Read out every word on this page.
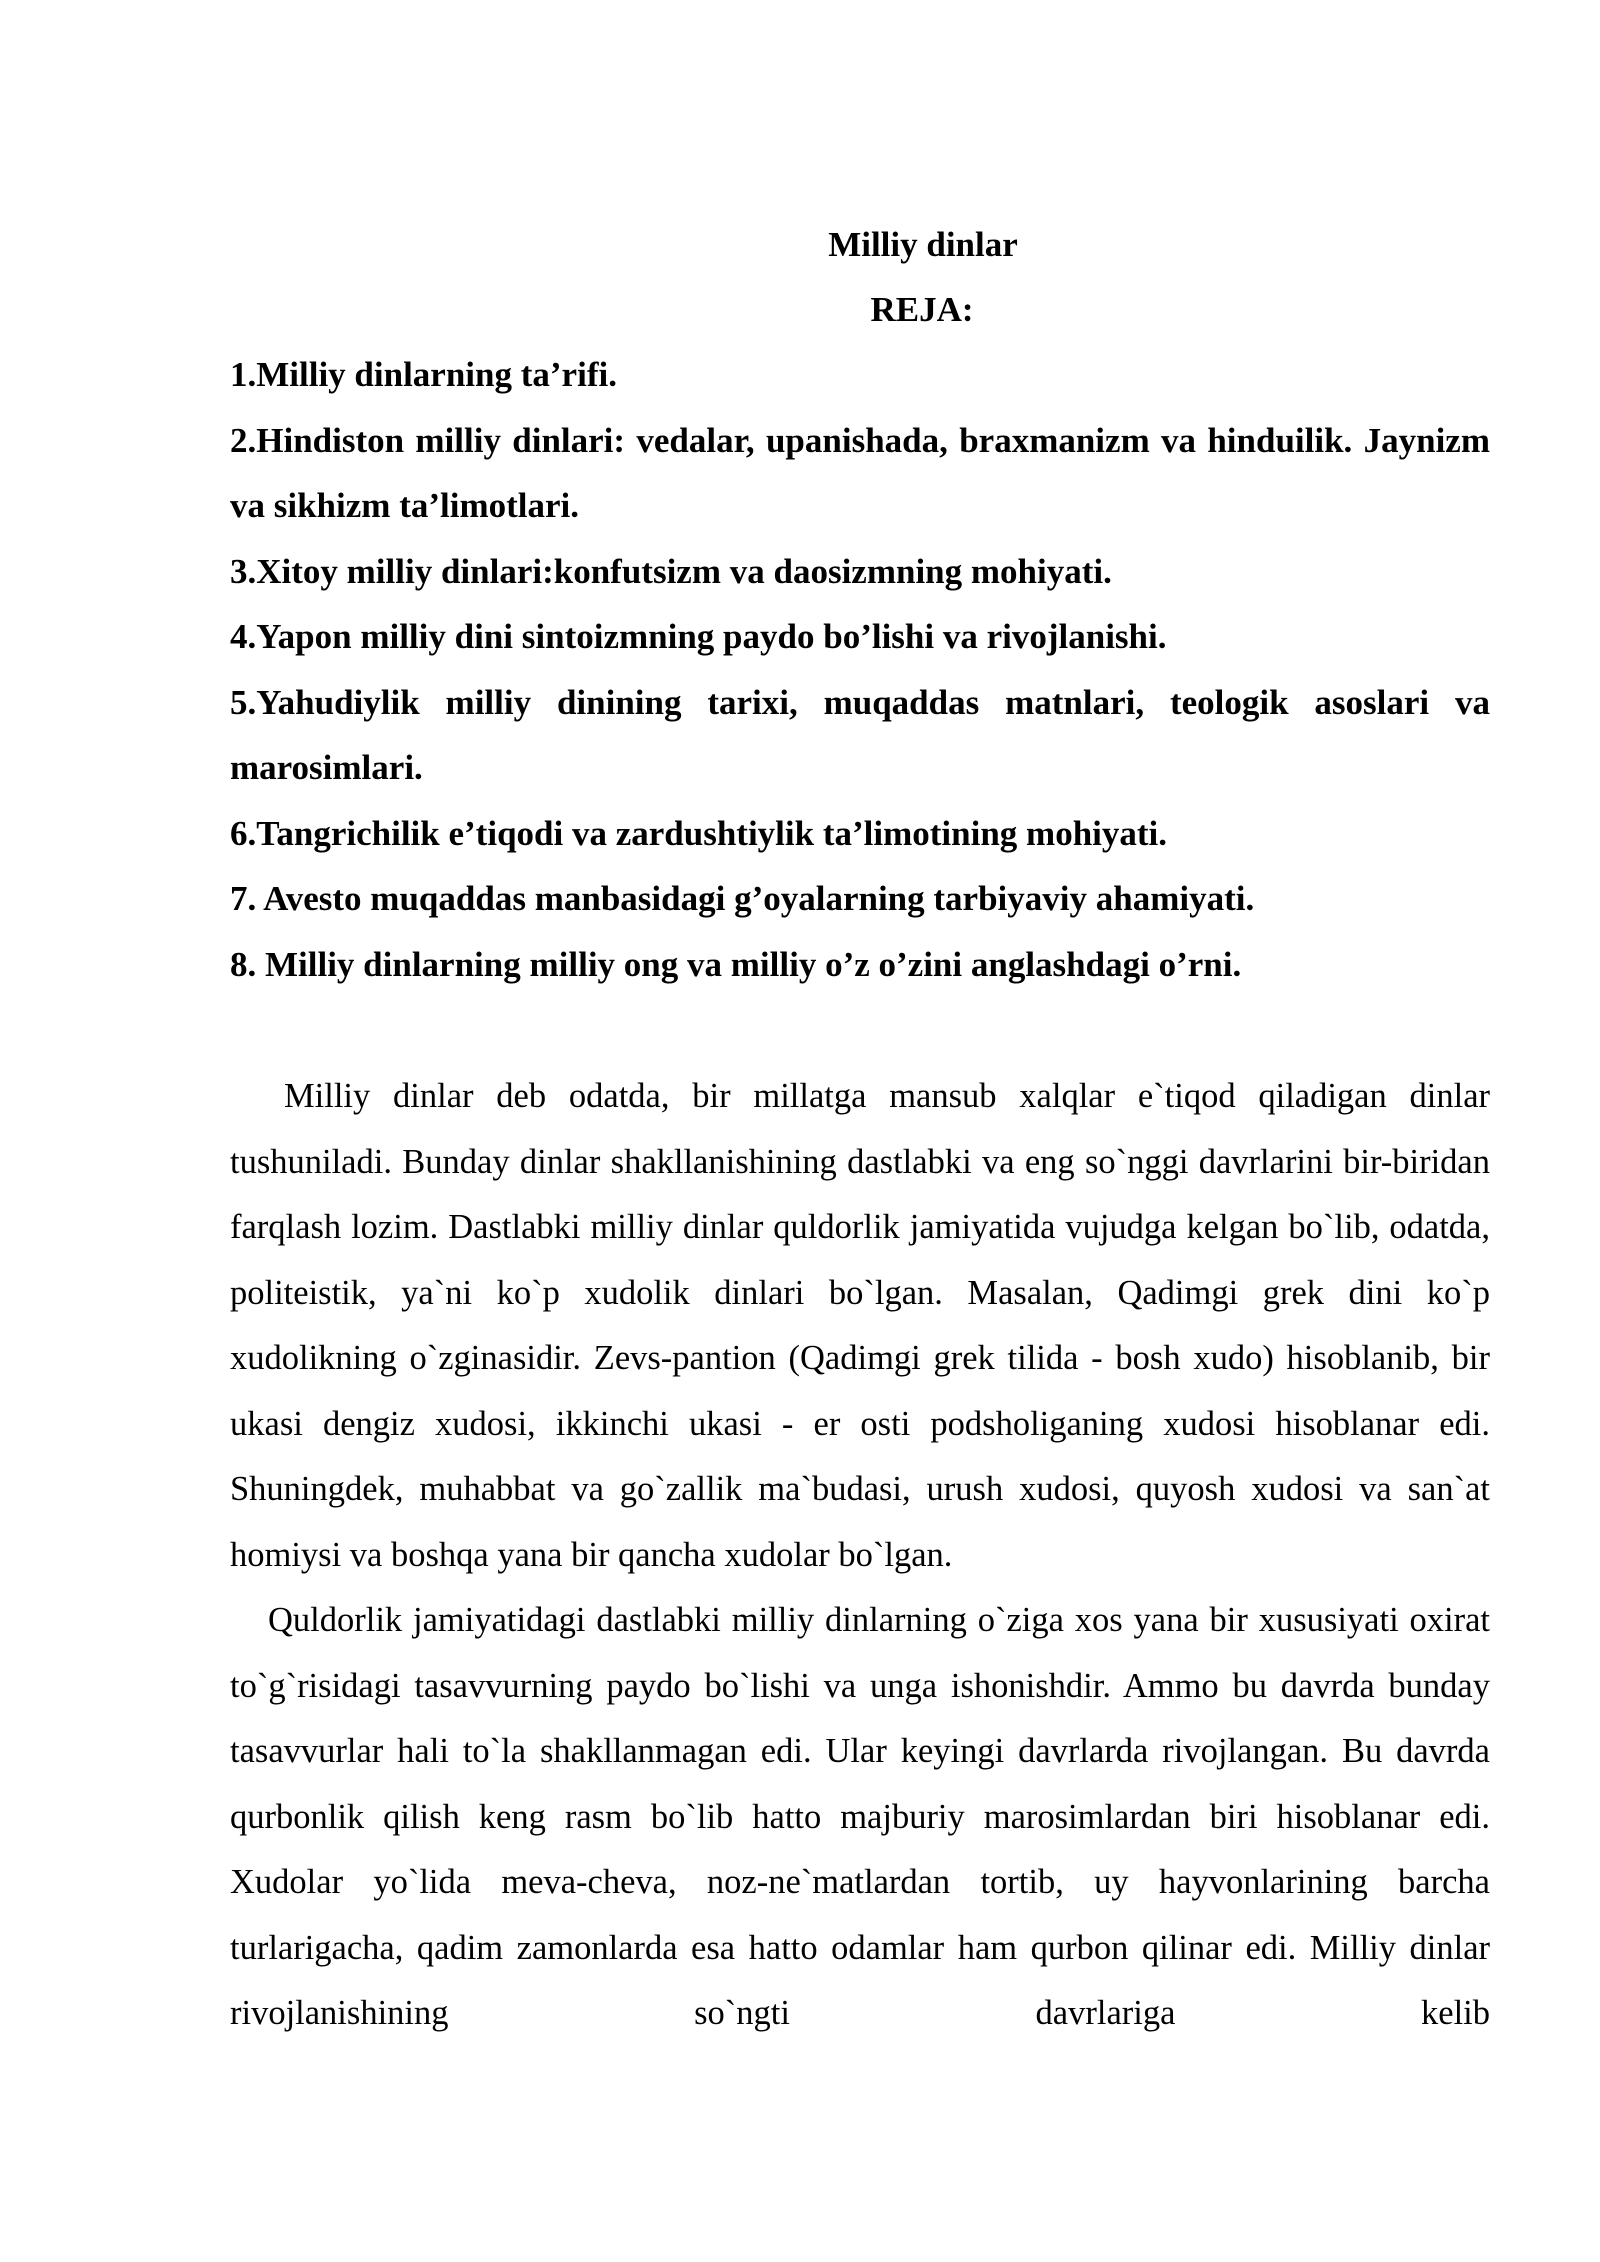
Milliy dinlar
REJA:
1.Milliy dinlarning ta’rifi.
2.Hindiston milliy dinlari: vedalar, upanishada, braxmanizm va hinduilik. Jaynizm va sikhizm ta’limotlari.
3.Xitoy milliy dinlari:konfutsizm va daosizmning mohiyati.
4.Yapon milliy dini sintoizmning paydo bo’lishi va rivojlanishi.
5.Yahudiylik milliy dinining tarixi, muqaddas matnlari, teologik asoslari va marosimlari.
6.Tangrichilik e’tiqodi va zardushtiylik ta’limotining mohiyati.
7. Avesto muqaddas manbasidagi g’oyalarning tarbiyaviy ahamiyati.
8. Milliy dinlarning milliy ong va milliy o’z o’zini anglashdagi o’rni.

Milliy dinlar deb odatda, bir millatga mansub xalqlar e`tiqod qiladigan dinlar tushuniladi. Bunday dinlar shakllanishining dastlabki va eng so`nggi davrlarini bir-biridan farqlash lozim. Dastlabki milliy dinlar quldorlik jamiyatida vujudga kelgan bo`lib, odatda, politeistik, ya`ni ko`p xudolik dinlari bo`lgan. Masalan, Qadimgi grek dini ko`p xudolikning o`zginasidir. Zevs-pantion (Qadimgi grek tilida - bosh xudo) hisoblanib, bir ukasi dengiz xudosi, ikkinchi ukasi - er osti podsholiganing xudosi hisoblanar edi. Shuningdek, muhabbat va go`zallik ma`budasi, urush xudosi, quyosh xudosi va san`at homiysi va boshqa yana bir qancha xudolar bo`lgan.

Quldorlik jamiyatidagi dastlabki milliy dinlarning o`ziga xos yana bir xususiyati oxirat to`g`risidagi tasavvurning paydo bo`lishi va unga ishonishdir. Ammo bu davrda bunday tasavvurlar hali to`la shakllanmagan edi. Ular keyingi davrlarda rivojlangan. Bu davrda qurbonlik qilish keng rasm bo`lib hatto majburiy marosimlardan biri hisoblanar edi. Xudolar yo`lida meva-cheva, noz-ne`matlardan tortib, uy hayvonlarining barcha turlarigacha, qadim zamonlarda esa hatto odamlar ham qurbon qilinar edi. Milliy dinlar rivojlanishining so`ngti davrlariga kelib
